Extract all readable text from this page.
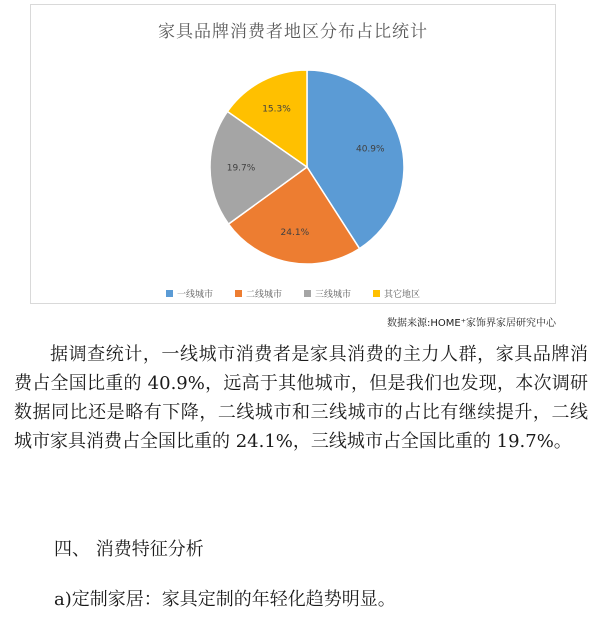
家具品牌消费者地区分布占比统计
40.9%
24.1%
19.7%
15.3%
一线城市	二线城市	三线城市	其它地区
数据来源:HOME⁺家饰界家居研究中心

据调查统计，一线城市消费者是家具消费的主力人群，家具品牌消费占全国比重的 40.9%，远高于其他城市，但是我们也发现，本次调研数据同比还是略有下降，二线城市和三线城市的占比有继续提升，二线城市家具消费占全国比重的 24.1%，三线城市占全国比重的 19.7%。

四、 消费特征分析
a)定制家居：家具定制的年轻化趋势明显。
